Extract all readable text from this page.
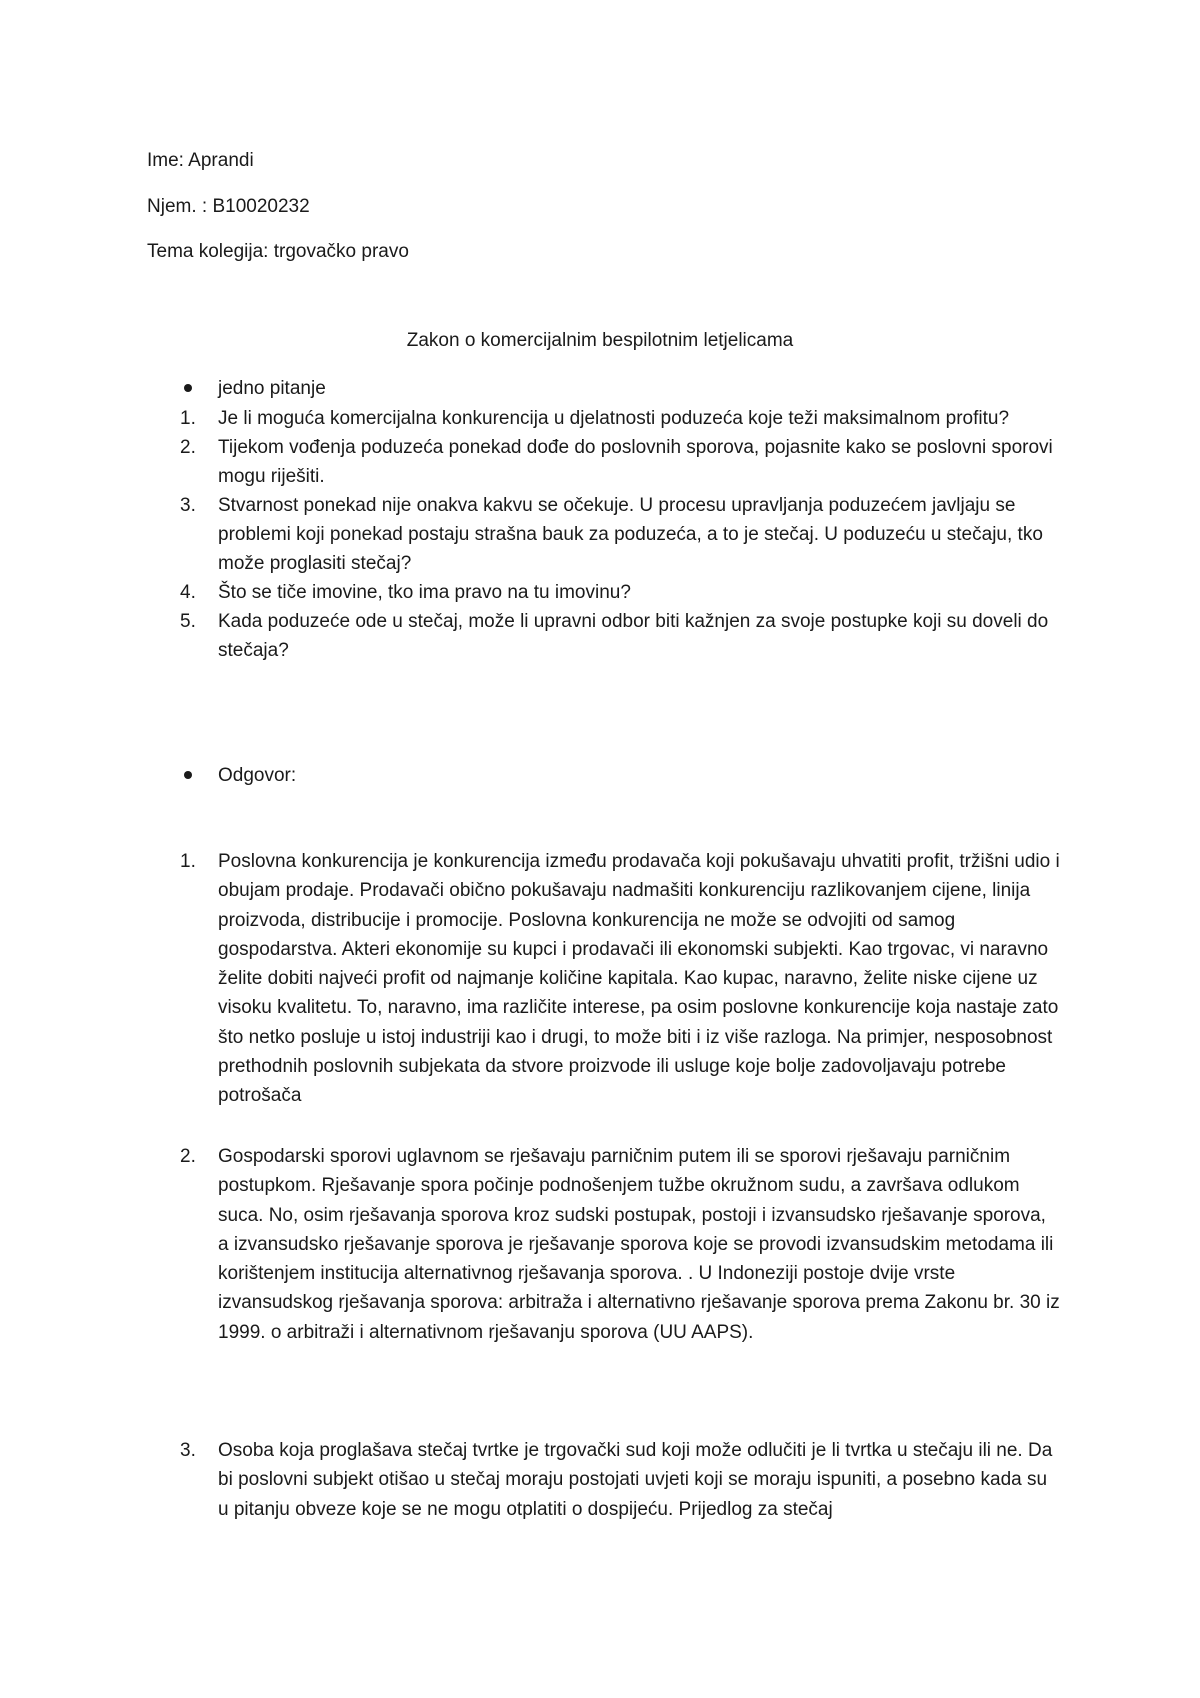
Ime: Aprandi

Njem. : B10020232

Tema kolegija: trgovačko pravo

Zakon o komercijalnim bespilotnim letjelicama

jedno pitanje
1.	Je li moguća komercijalna konkurencija u djelatnosti poduzeća koje teži maksimalnom profitu?

2.	Tijekom vođenja poduzeća ponekad dođe do poslovnih sporova, pojasnite kako se poslovni sporovi mogu riješiti.

3.	Stvarnost ponekad nije onakva kakvu se očekuje. U procesu upravljanja poduzećem javljaju se problemi koji ponekad postaju strašna bauk za poduzeća, a to je stečaj. U poduzeću u stečaju, tko može proglasiti stečaj?

4.	Što se tiče imovine, tko ima pravo na tu imovinu?

5.	Kada poduzeće ode u stečaj, može li upravni odbor biti kažnjen za svoje postupke koji su doveli do stečaja?

Odgovor:
1.	Poslovna konkurencija je konkurencija između prodavača koji pokušavaju uhvatiti profit, tržišni udio i obujam prodaje. Prodavači obično pokušavaju nadmašiti konkurenciju razlikovanjem cijene, linija proizvoda, distribucije i promocije. Poslovna konkurencija ne može se odvojiti od samog gospodarstva. Akteri ekonomije su kupci i prodavači ili ekonomski subjekti. Kao trgovac, vi naravno želite dobiti najveći profit od najmanje količine kapitala. Kao kupac, naravno, želite niske cijene uz visoku kvalitetu. To, naravno, ima različite interese, pa osim poslovne konkurencije koja nastaje zato što netko posluje u istoj industriji kao i drugi, to može biti i iz više razloga. Na primjer, nesposobnost prethodnih poslovnih subjekata da stvore proizvode ili usluge koje bolje zadovoljavaju potrebe potrošača

2.	Gospodarski sporovi uglavnom se rješavaju parničnim putem ili se sporovi rješavaju parničnim postupkom. Rješavanje spora počinje podnošenjem tužbe okružnom sudu, a završava odlukom suca. No, osim rješavanja sporova kroz sudski postupak, postoji i izvansudsko rješavanje sporova, a izvansudsko rješavanje sporova je rješavanje sporova koje se provodi izvansudskim metodama ili korištenjem institucija alternativnog rješavanja sporova. . U Indoneziji postoje dvije vrste izvansudskog rješavanja sporova: arbitraža i alternativno rješavanje sporova prema Zakonu br. 30 iz 1999. o arbitraži i alternativnom rješavanju sporova (UU AAPS).

3.	Osoba koja proglašava stečaj tvrtke je trgovački sud koji može odlučiti je li tvrtka u stečaju ili ne. Da bi poslovni subjekt otišao u stečaj moraju postojati uvjeti koji se moraju ispuniti, a posebno kada su u pitanju obveze koje se ne mogu otplatiti o dospijeću. Prijedlog za stečaj
